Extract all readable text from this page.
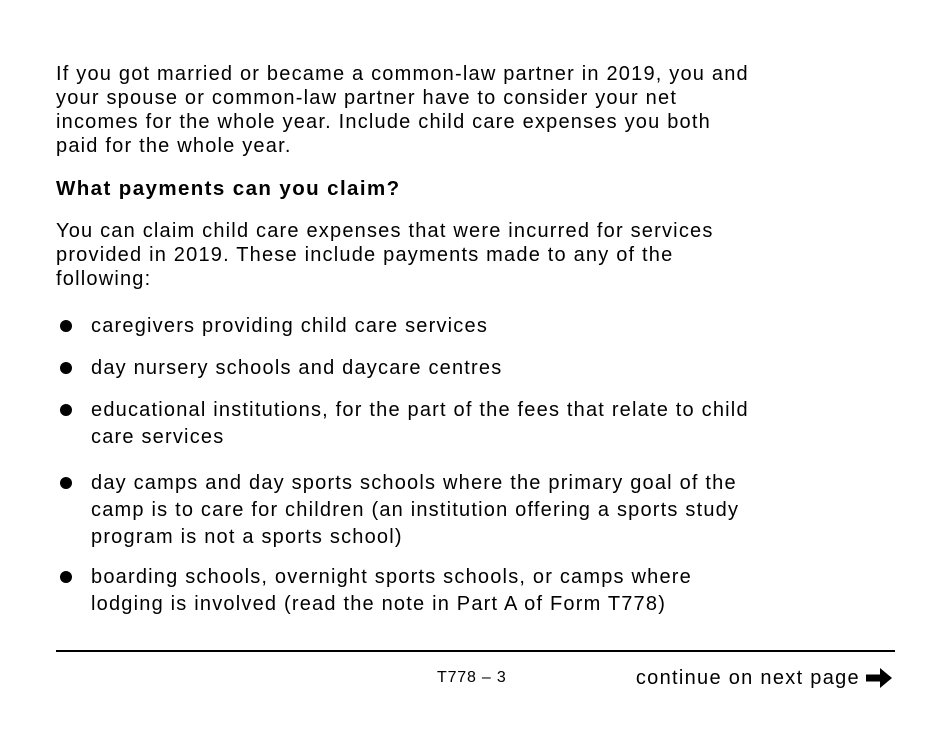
If you got married or became a common-law partner in 2019, you and
your spouse or common-law partner have to consider your net
incomes for the whole year. Include child care expenses you both
paid for the whole year.

What payments can you claim?

You can claim child care expenses that were incurred for services
provided in 2019. These include payments made to any of the
following:

caregivers providing child care services
day nursery schools and daycare centres
educational institutions, for the part of the fees that relate to child
care services
day camps and day sports schools where the primary goal of the
camp is to care for children (an institution offering a sports study
program is not a sports school)
boarding schools, overnight sports schools, or camps where
lodging is involved (read the note in Part A of Form T778)
T778 – 3	continue on next page
